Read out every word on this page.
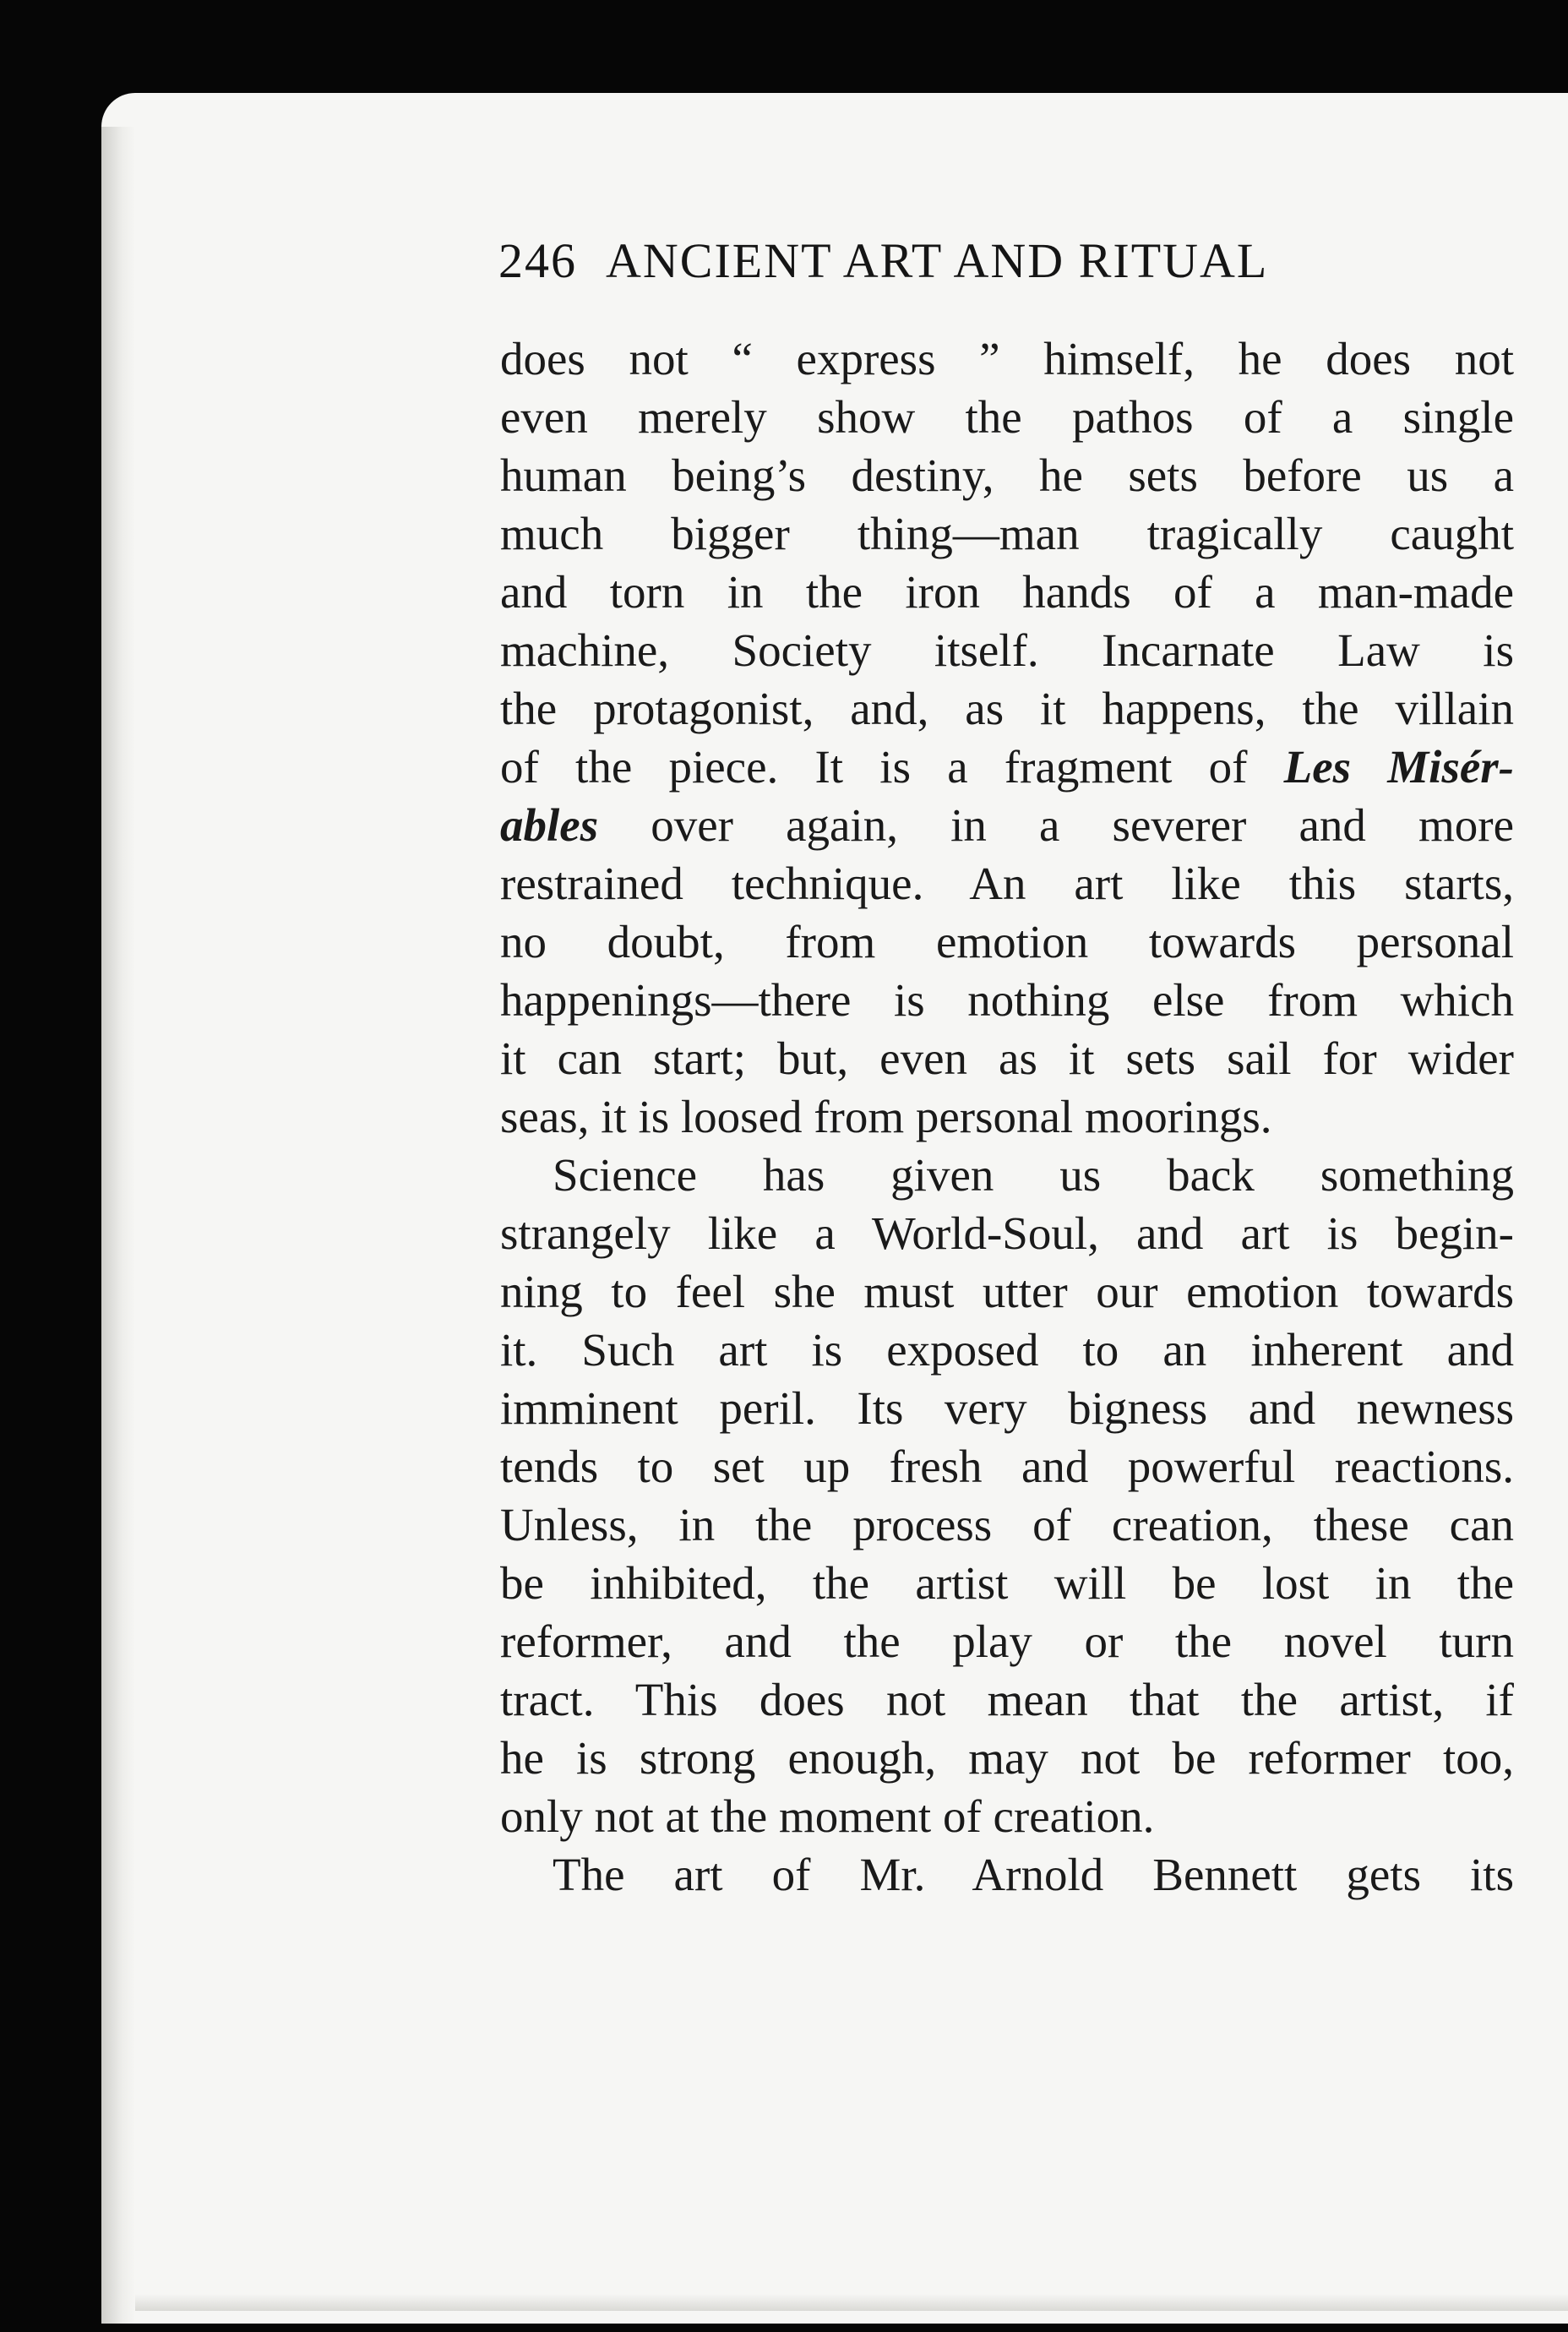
246 ANCIENT ART AND RITUAL
does not “ express ” himself, he does not
even merely show the pathos of a single
human being’s destiny, he sets before us a
much bigger thing—man tragically caught
and torn in the iron hands of a man-made
machine, Society itself. Incarnate Law is
the protagonist, and, as it happens, the villain
of the piece. It is a fragment of Les Misér-
ables over again, in a severer and more
restrained technique. An art like this starts,
no doubt, from emotion towards personal
happenings—there is nothing else from which
it can start; but, even as it sets sail for wider
seas, it is loosed from personal moorings.
Science has given us back something
strangely like a World-Soul, and art is begin-
ning to feel she must utter our emotion towards
it. Such art is exposed to an inherent and
imminent peril. Its very bigness and newness
tends to set up fresh and powerful reactions.
Unless, in the process of creation, these can
be inhibited, the artist will be lost in the
reformer, and the play or the novel turn
tract. This does not mean that the artist, if
he is strong enough, may not be reformer too,
only not at the moment of creation.
The art of Mr. Arnold Bennett gets its
